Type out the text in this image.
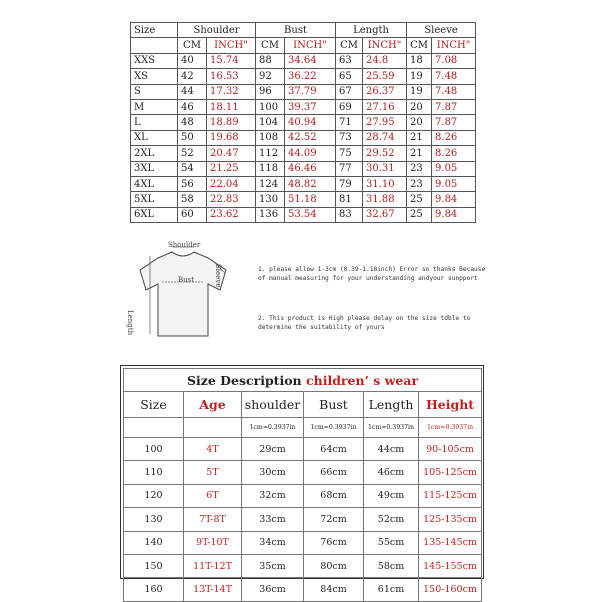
Size	Shoulder		Bust		Length		Sleeve	
	CM	INCH"	CM	INCH"	CM	INCH"	CM	INCH"
XXS	40	15.74	88	34.64	63	24.8	18	7.08
XS	42	16.53	92	36.22	65	25.59	19	7.48
S	44	17.32	96	37.79	67	26.37	19	7.48
M	46	18.11	100	39.37	69	27.16	20	7.87
L	48	18.89	104	40.94	71	27.95	20	7.87
XL	50	19.68	108	42.52	73	28.74	21	8.26
2XL	52	20.47	112	44.09	75	29.52	21	8.26
3XL	54	21.25	118	46.46	77	30.31	23	9.05
4XL	56	22.04	124	48.82	79	31.10	23	9.05
5XL	58	22.83	130	51.18	81	31.88	25	9.84
6XL	60	23.62	136	53.54	83	32.67	25	9.84
Shoulder
Bust	Sleeve
Length

1. please allow 1-3cm (0.39-1.18inch) Error so thanks Because of manual measuring for your understanding andyour sunpport

2. This product is High please delay on the size tdble to determine the suitability of yours

Size Description children’ s wear					
Size	Age	shoulder	Bust	Length	Height
		1cm=0.3937in	1cm=0.3937in	1cm=0.3937in	1cm=0.3937in
100	4T	29cm	64cm	44cm	90-105cm
110	5T	30cm	66cm	46cm	105-125cm
120	6T	32cm	68cm	49cm	115-125cm
130	7T-8T	33cm	72cm	52cm	125-135cm
140	9T-10T	34cm	76cm	55cm	135-145cm
150	11T-12T	35cm	80cm	58cm	145-155cm
160	13T-14T	36cm	84cm	61cm	150-160cm
